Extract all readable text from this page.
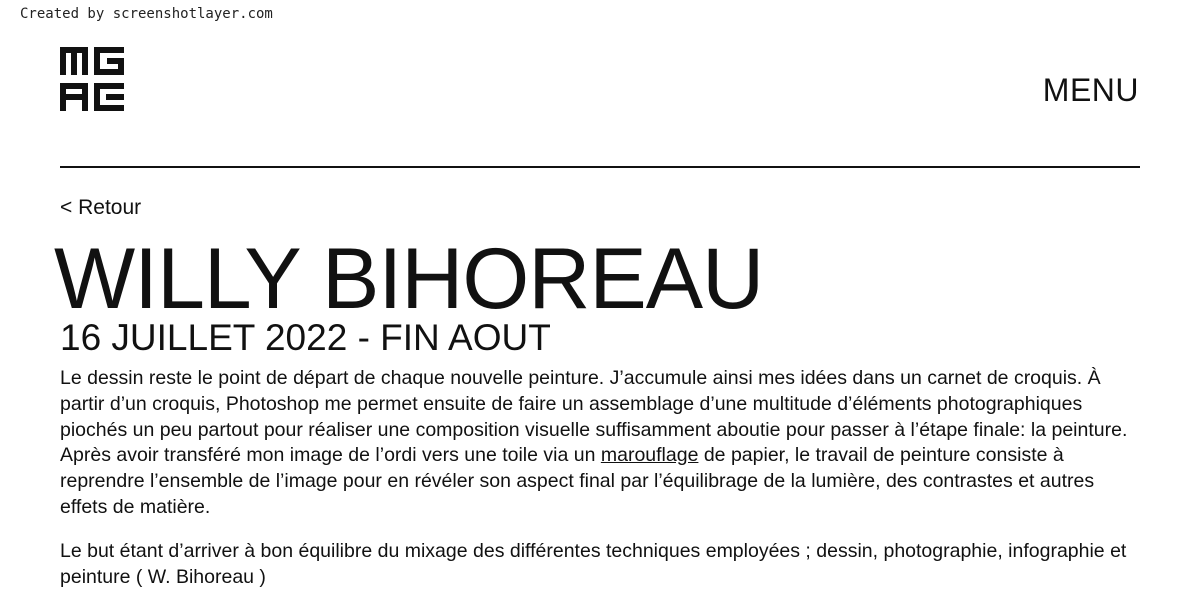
Created by screenshotlayer.com
MENU
< Retour
WILLY BIHOREAU
16 JUILLET 2022 - FIN AOUT

Le dessin reste le point de départ de chaque nouvelle peinture. J’accumule ainsi mes idées dans un carnet de croquis. À partir d’un croquis, Photoshop me permet ensuite de faire un assemblage d’une multitude d’éléments photographiques piochés un peu partout pour réaliser une composition visuelle suffisamment aboutie pour passer à l’étape finale: la peinture. Après avoir transféré mon image de l’ordi vers une toile via un marouflage de papier, le travail de peinture consiste à reprendre l’ensemble de l’image pour en révéler son aspect final par l’équilibrage de la lumière, des contrastes et autres effets de matière.

Le but étant d’arriver à bon équilibre du mixage des différentes techniques employées ; dessin, photographie, infographie et peinture ( W. Bihoreau )
